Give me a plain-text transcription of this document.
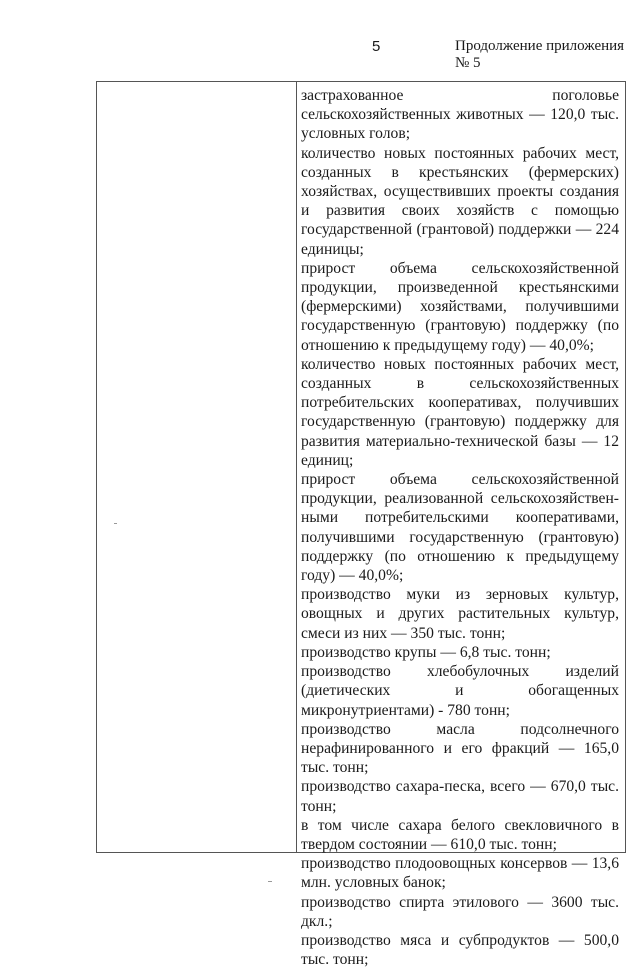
5	Продолжение приложения № 5

застрахованное поголовье сельскохозяйственных животных — 120,0 тыс. условных голов;

количество новых постоянных рабочих мест, созданных в крестьянских (фермерских) хозяйствах, осуществивших проекты создания и развития своих хозяйств с помощью государственной (грантовой) поддержки — 224 единицы;

прирост объема сельскохозяйственной продукции, произведенной крестьянскими (фермерскими) хозяйствами, получившими государственную (грантовую) поддержку (по отношению к предыдущему году) — 40,0%;

количество новых постоянных рабочих мест, созданных в сельскохозяйственных потребительских кооперативах, получивших государственную (грантовую) поддержку для развития материально-технической базы — 12 единиц;

прирост объема сельскохозяйственной продукции, реализованной сельскохозяйствен-ными потребительскими кооперативами, получившими государственную (грантовую) поддержку (по отношению к предыдущему году) — 40,0%;

производство муки из зерновых культур, овощных и других растительных культур, смеси из них — 350 тыс. тонн;

производство крупы — 6,8 тыс. тонн;

производство хлебобулочных изделий (диетических и обогащенных микронутриентами) - 780 тонн;

производство масла подсолнечного нерафинированного и его фракций — 165,0 тыс. тонн;

производство сахара-песка, всего — 670,0 тыс. тонн;

в том числе сахара белого свекловичного в твердом состоянии — 610,0 тыс. тонн;

производство плодоовощных консервов — 13,6 млн. условных банок;

производство спирта этилового — 3600 тыс. дкл.;

производство мяса и субпродуктов — 500,0 тыс. тонн;
